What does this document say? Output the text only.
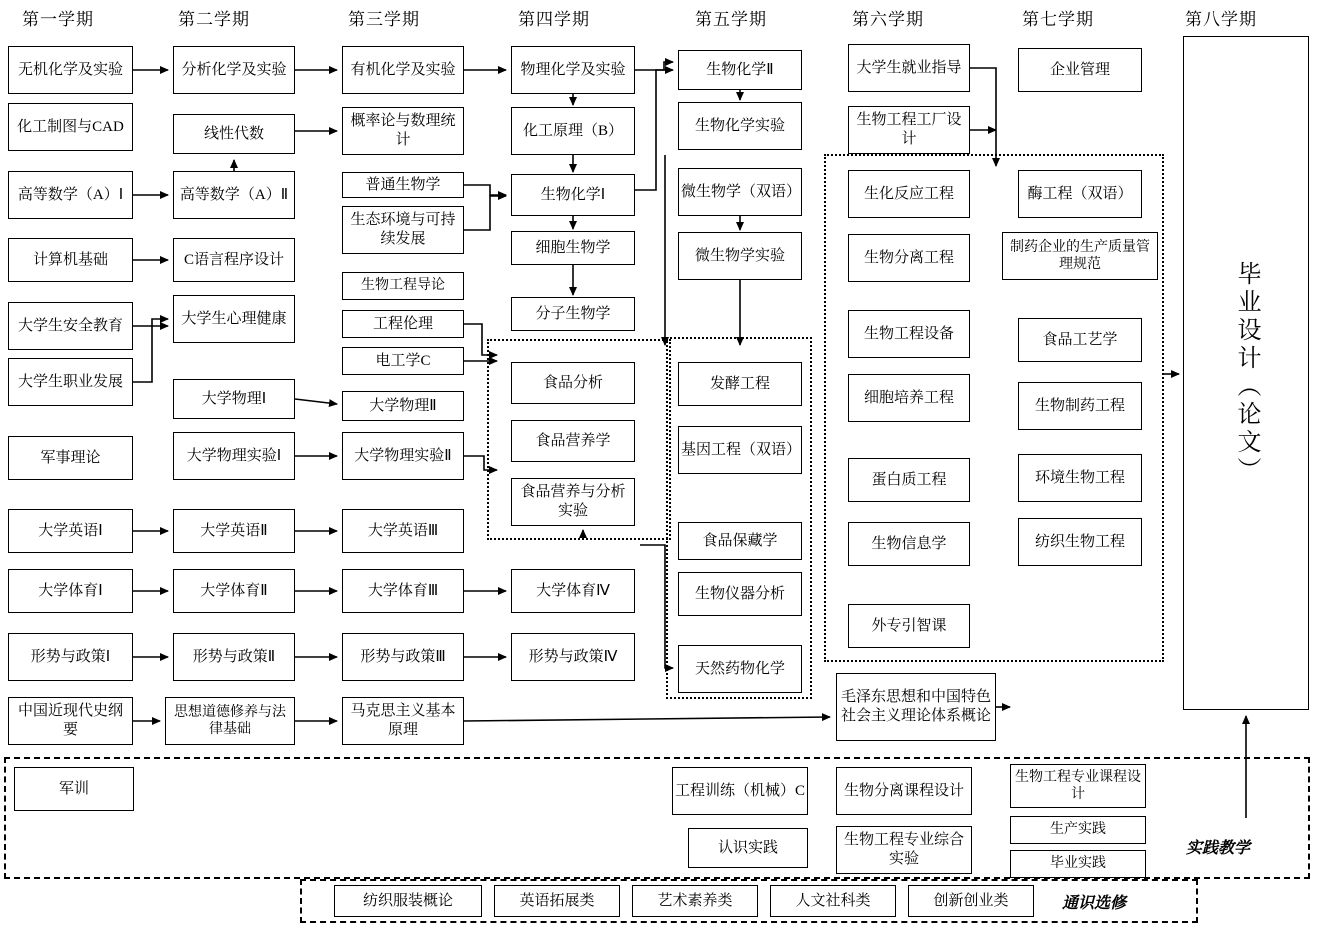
第一学期	第二学期	第三学期	第四学期	第五学期	第六学期	第七学期	第八学期
无机化学及实验
化工制图与CAD
高等数学（A）Ⅰ
计算机基础
大学生安全教育
大学生职业发展
军事理论
大学英语Ⅰ
大学体育Ⅰ
形势与政策Ⅰ
中国近现代史纲要
军训
分析化学及实验
线性代数
高等数学（A）Ⅱ
C语言程序设计
大学生心理健康
大学物理Ⅰ
大学物理实验Ⅰ
大学英语Ⅱ
大学体育Ⅱ
形势与政策Ⅱ
思想道德修养与法律基础
有机化学及实验
概率论与数理统计
普通生物学
生态环境与可持续发展
生物工程导论
工程伦理
电工学C
大学物理Ⅱ
大学物理实验Ⅱ
大学英语Ⅲ
大学体育Ⅲ
形势与政策Ⅲ
马克思主义基本原理
物理化学及实验
化工原理（B）
生物化学Ⅰ
细胞生物学
分子生物学
食品分析
食品营养学
食品营养与分析实验
大学体育Ⅳ
形势与政策Ⅳ
工程训练（机械）C
认识实践
生物化学Ⅱ
生物化学实验
微生物学（双语）
微生物学实验
发酵工程
基因工程（双语）
食品保藏学
生物仪器分析
天然药物化学
大学生就业指导
生物工程工厂设计
生化反应工程
生物分离工程
生物工程设备
细胞培养工程
蛋白质工程
生物信息学
外专引智课
毛泽东思想和中国特色社会主义理论体系概论
生物分离课程设计
生物工程专业综合实验
企业管理
酶工程（双语）
制药企业的生产质量管理规范
食品工艺学
生物制药工程
环境生物工程
纺织生物工程
生物工程专业课程设计
生产实践
毕业实践
毕业设计（论文）
实践教学
通识选修
纺织服装概论	英语拓展类	艺术素养类	人文社科类	创新创业类
